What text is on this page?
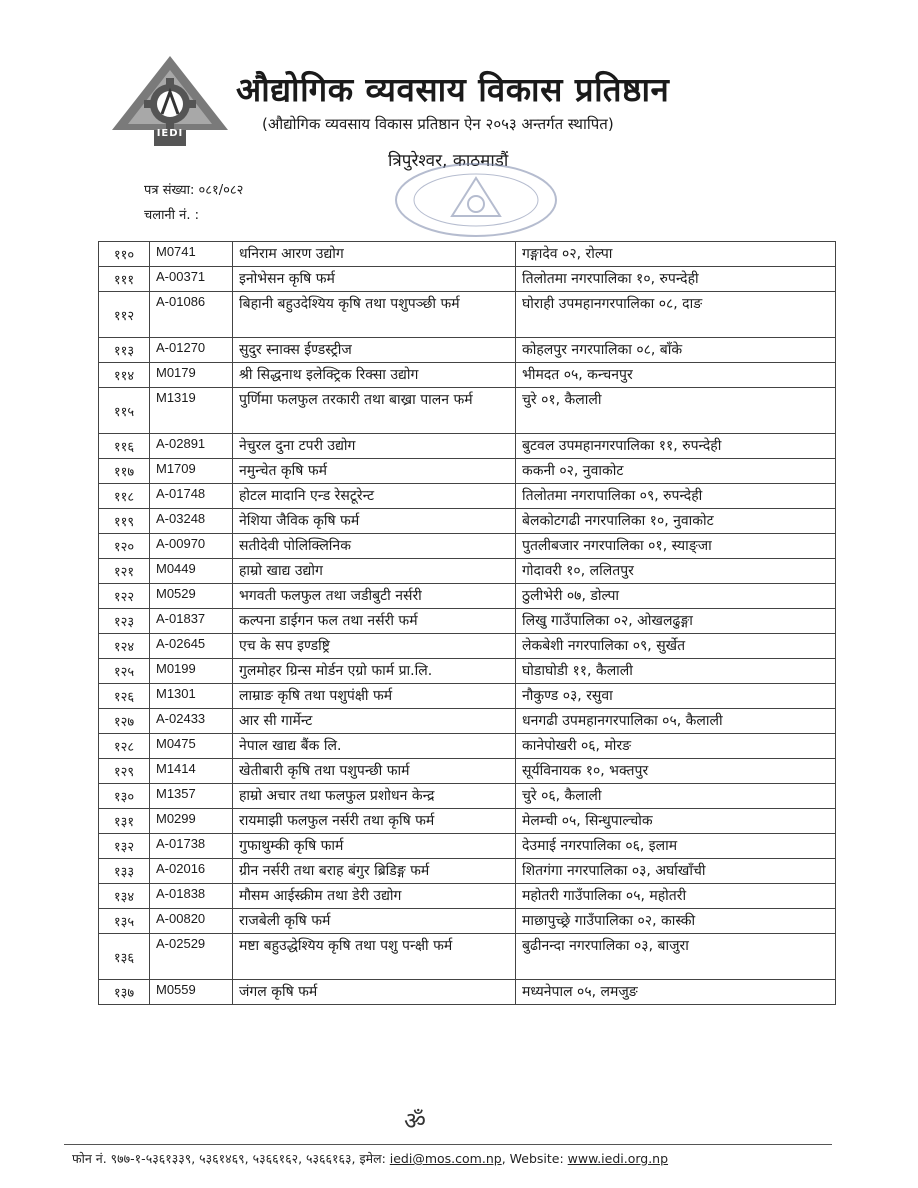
IEDI
औद्योगिक व्यवसाय विकास प्रतिष्ठान
(औद्योगिक व्यवसाय विकास प्रतिष्ठान ऐन २०५३ अन्तर्गत स्थापित)
त्रिपुरेश्वर, काठमाडौं
पत्र संख्या: ०८१/०८२
चलानी नं. :
११०	M0741	धनिराम आरण उद्योग	गङ्गादेव ०२, रोल्पा
१११	A-00371	इनोभेसन कृषि फर्म	तिलोतमा नगरपालिका १०, रुपन्देही
११२	A-01086	बिहानी बहुउदेश्यिय कृषि तथा पशुपञ्छी फर्म	घोराही उपमहानगरपालिका ०८, दाङ
११३	A-01270	सुदुर स्नाक्स ईण्डस्ट्रीज	कोहलपुर नगरपालिका ०८, बाँके
११४	M0179	श्री सिद्धनाथ इलेक्ट्रिक रिक्सा उद्योग	भीमदत ०५, कन्चनपुर
११५	M1319	पुर्णिमा फलफुल तरकारी तथा बाख्रा पालन फर्म	चुरे ०१, कैलाली
११६	A-02891	नेचुरल दुना टपरी उद्योग	बुटवल उपमहानगरपालिका ११, रुपन्देही
११७	M1709	नमुन्चेत कृषि फर्म	ककनी ०२, नुवाकोट
११८	A-01748	होटल मादानि एन्ड रेसटूरेन्ट	तिलोतमा नगरापालिका ०९, रुपन्देही
११९	A-03248	नेशिया जैविक कृषि फर्म	बेलकोटगढी नगरपालिका १०, नुवाकोट
१२०	A-00970	सतीदेवी पोलिक्लिनिक	पुतलीबजार नगरपालिका ०१, स्याङ्जा
१२१	M0449	हाम्रो खाद्य उद्योग	गोदावरी १०, ललितपुर
१२२	M0529	भगवती फलफुल तथा जडीबुटी नर्सरी	ठुलीभेरी ०७, डोल्पा
१२३	A-01837	कल्पना डाईगन फल तथा नर्सरी फर्म	लिखु गाउँपालिका ०२, ओखलढुङ्गा
१२४	A-02645	एच के सप इण्डष्ट्रि	लेकबेशी नगरपालिका ०९, सुर्खेत
१२५	M0199	गुलमोहर ग्रिन्स मोर्डन एग्रो फार्म प्रा.लि.	घोडाघोडी ११, कैलाली
१२६	M1301	लाम्राङ कृषि तथा पशुपंक्षी फर्म	नौकुण्ड ०३, रसुवा
१२७	A-02433	आर सी गार्मेन्ट	धनगढी उपमहानगरपालिका ०५, कैलाली
१२८	M0475	नेपाल खाद्य बैंक लि.	कानेपोखरी ०६, मोरङ
१२९	M1414	खेतीबारी कृषि तथा पशुपन्छी फार्म	सूर्यविनायक १०, भक्तपुर
१३०	M1357	हाम्रो अचार तथा फलफुल प्रशोधन केन्द्र	चुरे ०६, कैलाली
१३१	M0299	रायमाझी फलफुल नर्सरी तथा कृषि फर्म	मेलम्ची ०५, सिन्धुपाल्चोक
१३२	A-01738	गुफाथुम्की कृषि फार्म	देउमाई नगरपालिका ०६, इलाम
१३३	A-02016	ग्रीन नर्सरी तथा बराह बंगुर ब्रिडिङ्ग फर्म	शितगंगा नगरपालिका ०३, अर्घाखाँची
१३४	A-01838	मौसम आईस्क्रीम तथा डेरी उद्योग	महोतरी गाउँपालिका ०५, महोतरी
१३५	A-00820	राजबेली कृषि फर्म	माछापुच्छ्रे गाउँपालिका ०२, कास्की
१३६	A-02529	मष्टा बहुउद्धेश्यिय कृषि तथा पशु पन्क्षी फर्म	बुढीनन्दा नगरपालिका ०३, बाजुरा
१३७	M0559	जंगल कृषि फर्म	मध्यनेपाल ०५, लमजुङ
ॐ
फोन नं. ९७७-१-५३६१३३९, ५३६१४६९, ५३६६१६२, ५३६६१६३, इमेल: iedi@mos.com.np, Website: www.iedi.org.np
